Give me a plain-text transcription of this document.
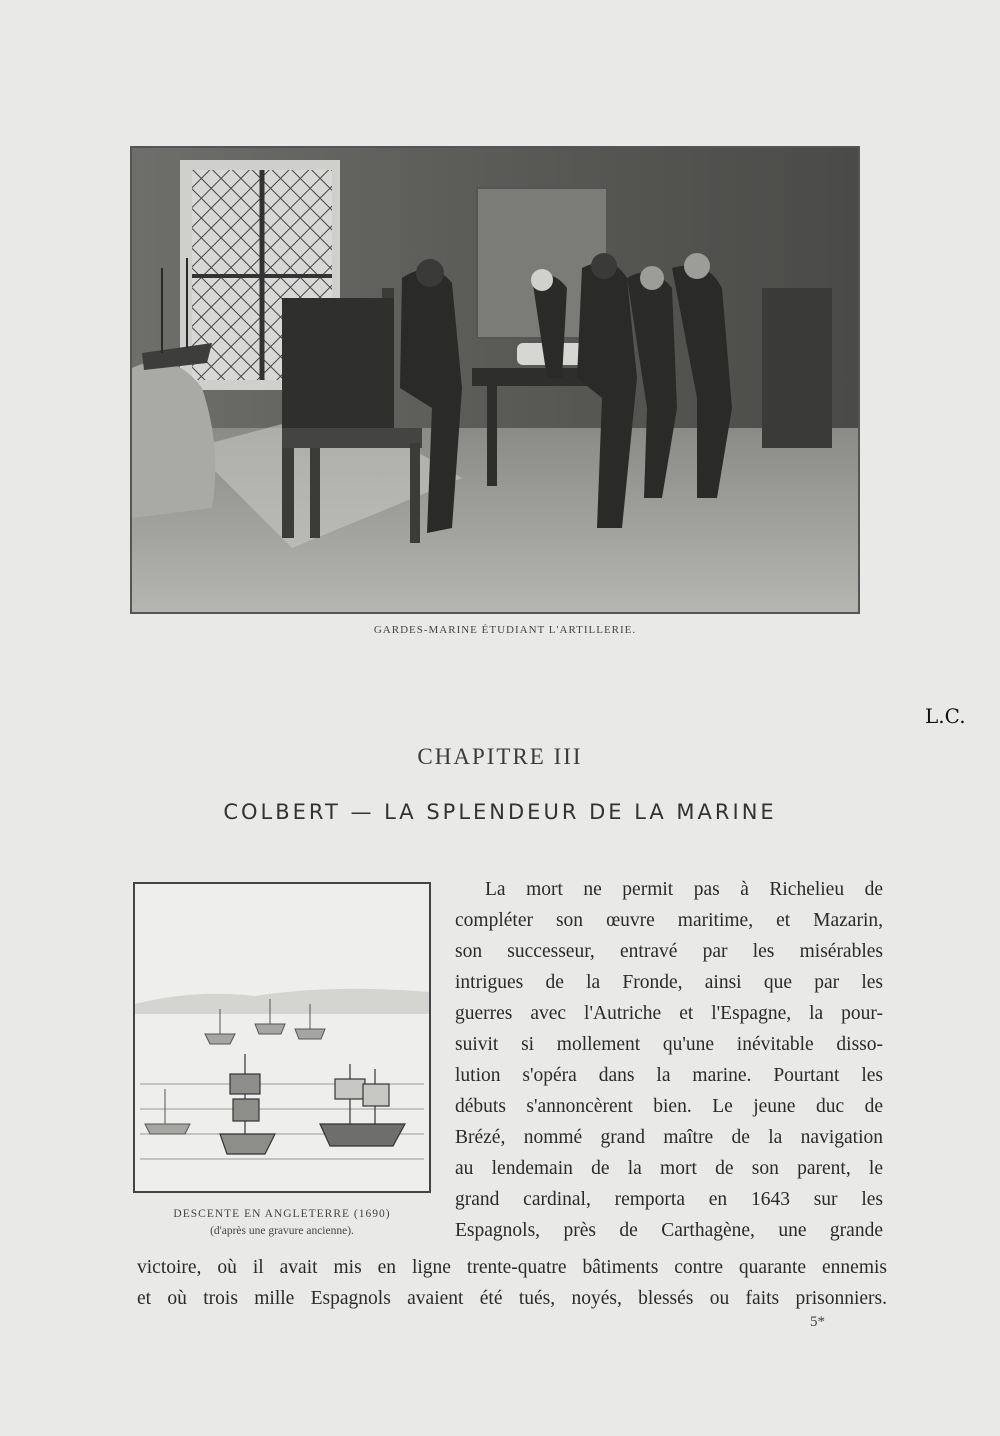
L.C.
GARDES-MARINE ÉTUDIANT L'ARTILLERIE.
CHAPITRE III
COLBERT — LA SPLENDEUR DE LA MARINE
DESCENTE EN ANGLETERRE (1690)
(d'après une gravure ancienne).
La mort ne permit pas à Richelieu de
compléter son œuvre maritime, et Mazarin,
son successeur, entravé par les misérables
intrigues de la Fronde, ainsi que par les
guerres avec l'Autriche et l'Espagne, la pour-
suivit si mollement qu'une inévitable disso-
lution s'opéra dans la marine. Pourtant les
débuts s'annoncèrent bien. Le jeune duc de
Brézé, nommé grand maître de la navigation
au lendemain de la mort de son parent, le
grand cardinal, remporta en 1643 sur les
Espagnols, près de Carthagène, une grande
victoire, où il avait mis en ligne trente-quatre bâtiments contre quarante ennemis
et où trois mille Espagnols avaient été tués, noyés, blessés ou faits prisonniers.
5*
